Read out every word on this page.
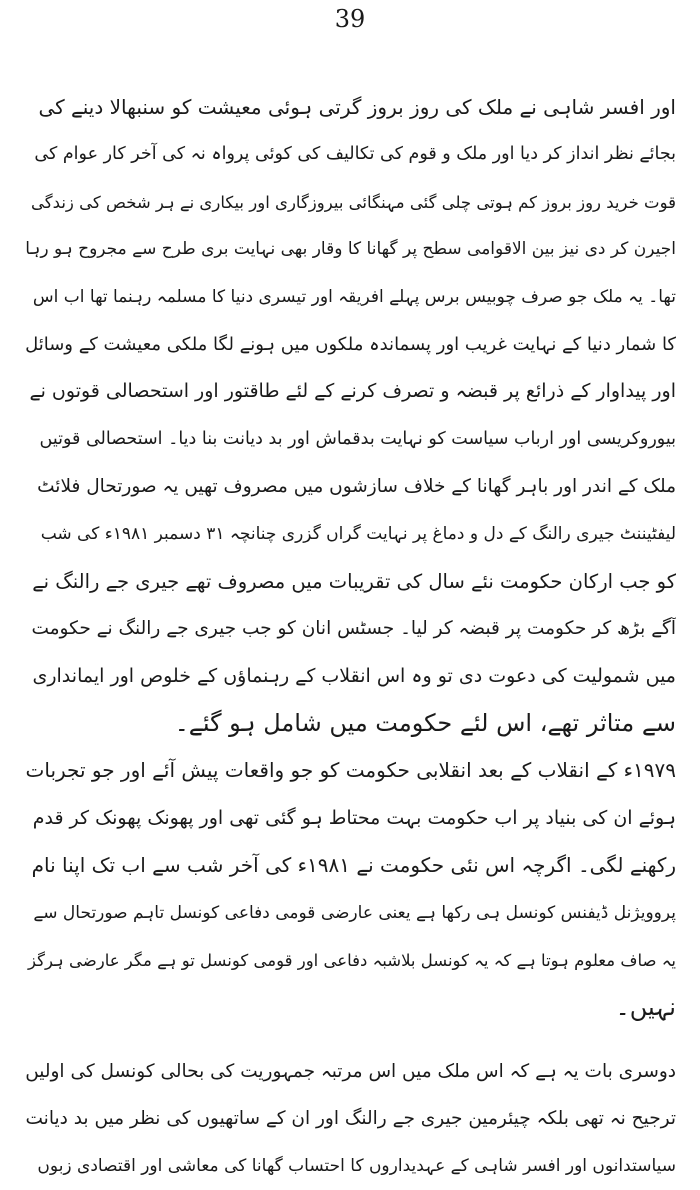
39
اور افسر شاہی نے ملک کی روز بروز گرتی ہوئی معیشت کو سنبھالا دینے کی
بجائے نظر انداز کر دیا اور ملک و قوم کی تکالیف کی کوئی پرواہ نہ کی آخر کار عوام کی
قوت خرید روز بروز کم ہوتی چلی گئی مہنگائی بیروزگاری اور بیکاری نے ہر شخص کی زندگی
اجیرن کر دی نیز بین الاقوامی سطح پر گھانا کا وقار بھی نہایت بری طرح سے مجروح ہو رہا
تھا۔ یہ ملک جو صرف چوبیس برس پہلے افریقہ اور تیسری دنیا کا مسلمہ رہنما تھا اب اس
کا شمار دنیا کے نہایت غریب اور پسماندہ ملکوں میں ہونے لگا ملکی معیشت کے وسائل
اور پیداوار کے ذرائع پر قبضہ و تصرف کرنے کے لئے طاقتور اور استحصالی قوتوں نے
بیوروکریسی اور ارباب سیاست کو نہایت بدقماش اور بد دیانت بنا دیا۔ استحصالی قوتیں
ملک کے اندر اور باہر گھانا کے خلاف سازشوں میں مصروف تھیں یہ صورتحال فلائٹ
لیفٹیننٹ جیری رالنگ کے دل و دماغ پر نہایت گراں گزری چنانچہ ۳۱ دسمبر ۱۹۸۱ء کی شب
کو جب ارکان حکومت نئے سال کی تقریبات میں مصروف تھے جیری جے رالنگ نے
آگے بڑھ کر حکومت پر قبضہ کر لیا۔ جسٹس انان کو جب جیری جے رالنگ نے حکومت
میں شمولیت کی دعوت دی تو وہ اس انقلاب کے رہنماؤں کے خلوص اور ایمانداری
سے متاثر تھے، اس لئے حکومت میں شامل ہو گئے۔
۱۹۷۹ء کے انقلاب کے بعد انقلابی حکومت کو جو واقعات پیش آئے اور جو تجربات
ہوئے ان کی بنیاد پر اب حکومت بہت محتاط ہو گئی تھی اور پھونک پھونک کر قدم
رکھنے لگی۔ اگرچہ اس نئی حکومت نے ۱۹۸۱ء کی آخر شب سے اب تک اپنا نام
پروویژنل ڈیفنس کونسل ہی رکھا ہے یعنی عارضی قومی دفاعی کونسل تاہم صورتحال سے
یہ صاف معلوم ہوتا ہے کہ یہ کونسل بلاشبہ دفاعی اور قومی کونسل تو ہے مگر عارضی ہرگز
نہیں۔
دوسری بات یہ ہے کہ اس ملک میں اس مرتبہ جمہوریت کی بحالی کونسل کی اولیں
ترجیح نہ تھی بلکہ چیئرمین جیری جے رالنگ اور ان کے ساتھیوں کی نظر میں بد دیانت
سیاستدانوں اور افسر شاہی کے عہدیداروں کا احتساب گھانا کی معاشی اور اقتصادی زبوں
